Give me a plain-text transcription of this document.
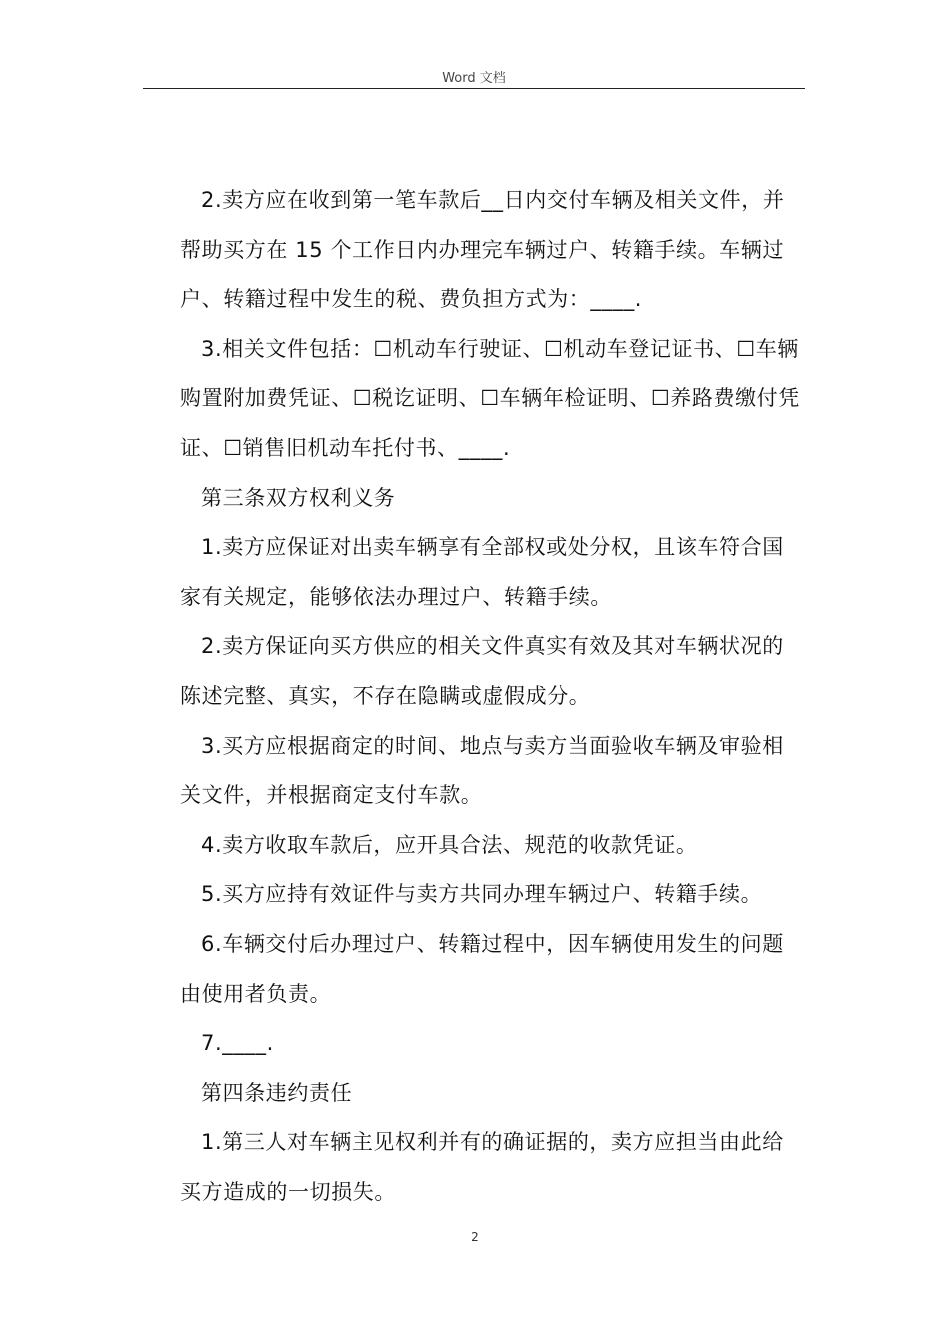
Word 文档

2.卖方应在收到第一笔车款后__日内交付车辆及相关文件，并帮助买方在 15 个工作日内办理完车辆过户、转籍手续。车辆过户、转籍过程中发生的税、费负担方式为：____.

3.相关文件包括：☐机动车行驶证、☐机动车登记证书、☐车辆购置附加费凭证、☐税讫证明、☐车辆年检证明、☐养路费缴付凭证、☐销售旧机动车托付书、____.

第三条双方权利义务

1.卖方应保证对出卖车辆享有全部权或处分权，且该车符合国家有关规定，能够依法办理过户、转籍手续。

2.卖方保证向买方供应的相关文件真实有效及其对车辆状况的陈述完整、真实，不存在隐瞒或虚假成分。

3.买方应根据商定的时间、地点与卖方当面验收车辆及审验相关文件，并根据商定支付车款。

4.卖方收取车款后，应开具合法、规范的收款凭证。

5.买方应持有效证件与卖方共同办理车辆过户、转籍手续。

6.车辆交付后办理过户、转籍过程中，因车辆使用发生的问题由使用者负责。

7.____.

第四条违约责任

1.第三人对车辆主见权利并有的确证据的，卖方应担当由此给买方造成的一切损失。

2
